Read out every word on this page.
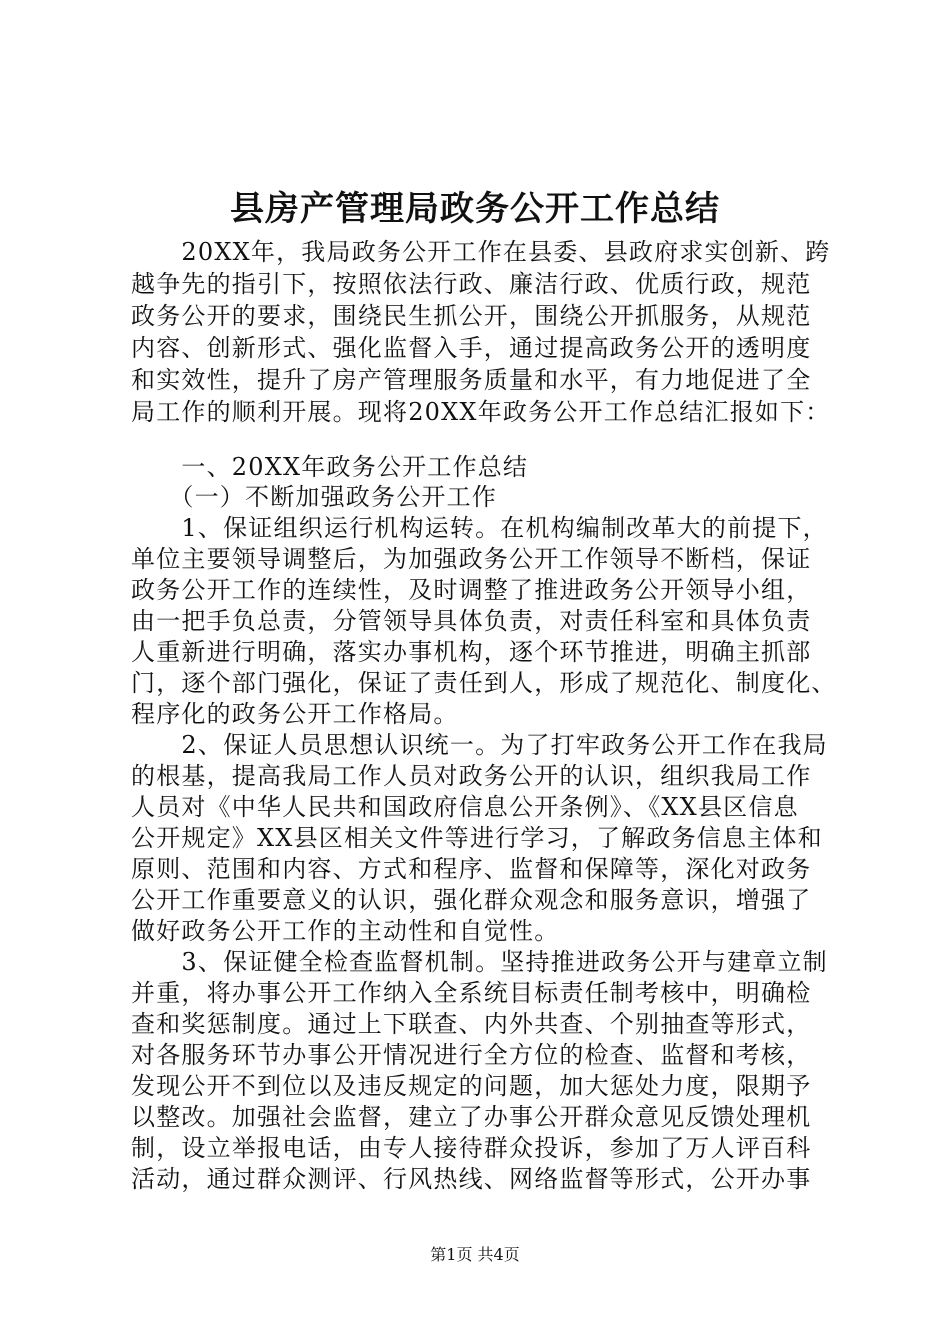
县房产管理局政务公开工作总结
　　20XX年，我局政务公开工作在县委、县政府求实创新、跨
越争先的指引下，按照依法行政、廉洁行政、优质行政，规范
政务公开的要求，围绕民生抓公开，围绕公开抓服务，从规范
内容、创新形式、强化监督入手，通过提高政务公开的透明度
和实效性，提升了房产管理服务质量和水平，有力地促进了全
局工作的顺利开展。现将20XX年政务公开工作总结汇报如下：
　　一、20XX年政务公开工作总结
　　（一）不断加强政务公开工作
　　1、保证组织运行机构运转。在机构编制改革大的前提下，
单位主要领导调整后，为加强政务公开工作领导不断档，保证
政务公开工作的连续性，及时调整了推进政务公开领导小组，
由一把手负总责，分管领导具体负责，对责任科室和具体负责
人重新进行明确，落实办事机构，逐个环节推进，明确主抓部
门，逐个部门强化，保证了责任到人，形成了规范化、制度化、
程序化的政务公开工作格局。
　　2、保证人员思想认识统一。为了打牢政务公开工作在我局
的根基，提高我局工作人员对政务公开的认识，组织我局工作
人员对《中华人民共和国政府信息公开条例》、《XX县区信息
公开规定》XX县区相关文件等进行学习，了解政务信息主体和
原则、范围和内容、方式和程序、监督和保障等，深化对政务
公开工作重要意义的认识，强化群众观念和服务意识，增强了
做好政务公开工作的主动性和自觉性。
　　3、保证健全检查监督机制。坚持推进政务公开与建章立制
并重，将办事公开工作纳入全系统目标责任制考核中，明确检
查和奖惩制度。通过上下联查、内外共查、个别抽查等形式，
对各服务环节办事公开情况进行全方位的检查、监督和考核，
发现公开不到位以及违反规定的问题，加大惩处力度，限期予
以整改。加强社会监督，建立了办事公开群众意见反馈处理机
制，设立举报电话，由专人接待群众投诉，参加了万人评百科
活动，通过群众测评、行风热线、网络监督等形式，公开办事
第1页 共4页
